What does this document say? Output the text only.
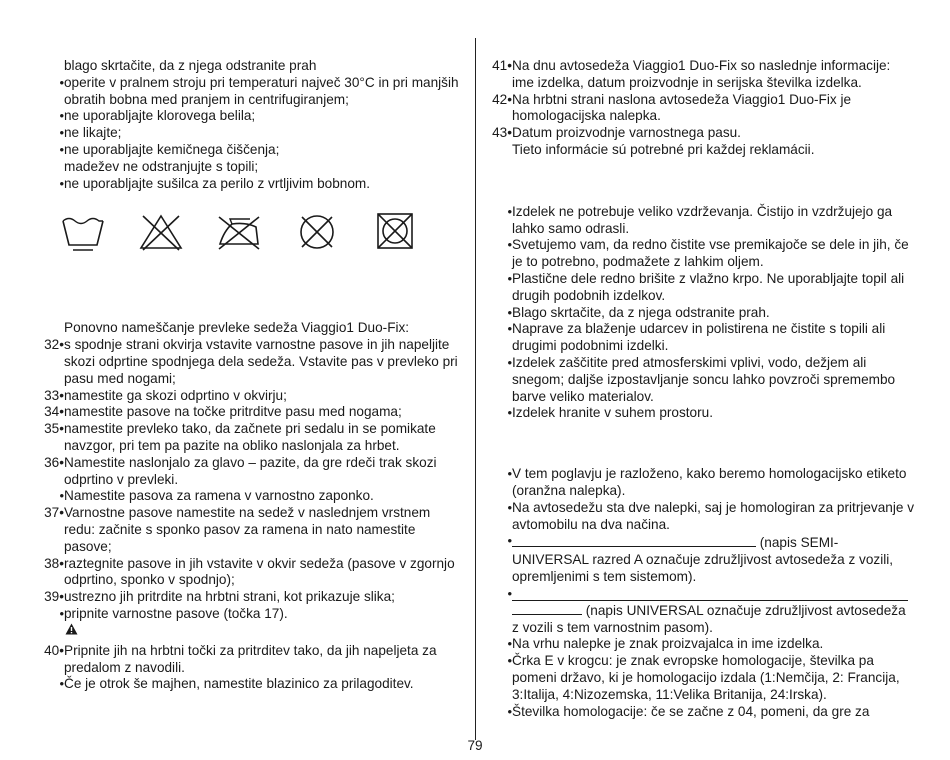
blago skrtačite, da z njega odstranite prah
• operite v pralnem stroju pri temperaturi največ 30°C in pri manjših obratih bobna med pranjem in centrifugiranjem;
• ne uporabljajte klorovega belila;
• ne likajte;
• ne uporabljajte kemičnega čiščenja;
madežev ne odstranjujte s topili;
• ne uporabljajte sušilca za perilo z vrtljivim bobnom.
Ponovno nameščanje prevleke sedeža Viaggio1 Duo-Fix:
32• s spodnje strani okvirja vstavite varnostne pasove in jih napeljite skozi odprtine spodnjega dela sedeža. Vstavite pas v prevleko pri pasu med nogami;
33• namestite ga skozi odprtino v okvirju;
34• namestite pasove na točke pritrditve pasu med nogama;
35• namestite prevleko tako, da začnete pri sedalu in se pomikate navzgor, pri tem pa pazite na obliko naslonjala za hrbet.
36• Namestite naslonjalo za glavo – pazite, da gre rdeči trak skozi odprtino v prevleki.
• Namestite pasova za ramena v varnostno zaponko.
37• Varnostne pasove namestite na sedež v naslednjem vrstnem redu: začnite s sponko pasov za ramena in nato namestite pasove;
38• raztegnite pasove in jih vstavite v okvir sedeža (pasove v zgornjo odprtino, sponko v spodnjo);
39• ustrezno jih pritrdite na hrbtni strani, kot prikazuje slika;
• pripnite varnostne pasove (točka 17).
40• Pripnite jih na hrbtni točki za pritrditev tako, da jih napeljeta za predalom z navodili.
• Če je otrok še majhen, namestite blazinico za prilagoditev.
41• Na dnu avtosedeža Viaggio1 Duo-Fix so naslednje informacije: ime izdelka, datum proizvodnje in serijska številka izdelka.
42• Na hrbtni strani naslona avtosedeža Viaggio1 Duo-Fix je homologacijska nalepka.
43• Datum proizvodnje varnostnega pasu.
Tieto informácie sú potrebné pri každej reklamácii.
• Izdelek ne potrebuje veliko vzdrževanja. Čistijo in vzdržujejo ga lahko samo odrasli.
• Svetujemo vam, da redno čistite vse premikajoče se dele in jih, če je to potrebno, podmažete z lahkim oljem.
• Plastične dele redno brišite z vlažno krpo. Ne uporabljajte topil ali drugih podobnih izdelkov.
• Blago skrtačite, da z njega odstranite prah.
• Naprave za blaženje udarcev in polistirena ne čistite s topili ali drugimi podobnimi izdelki.
• Izdelek zaščitite pred atmosferskimi vplivi, vodo, dežjem ali snegom; daljše izpostavljanje soncu lahko povzroči spremembo barve veliko materialov.
• Izdelek hranite v suhem prostoru.
• V tem poglavju je razloženo, kako beremo homologacijsko etiketo (oranžna nalepka).
• Na avtosedežu sta dve nalepki, saj je homologiran za pritrjevanje v avtomobilu na dva načina.
•	(napis SEMI-UNIVERSAL razred A označuje združljivost avtosedeža z vozili, opremljenimi s tem sistemom).
•
(napis UNIVERSAL označuje združljivost avtosedeža z vozili s tem varnostnim pasom).
• Na vrhu nalepke je znak proizvajalca in ime izdelka.
• Črka E v krogcu: je znak evropske homologacije, številka pa pomeni državo, ki je homologacijo izdala (1:Nemčija, 2: Francija, 3:Italija, 4:Nizozemska, 11:Velika Britanija, 24:Irska).
• Številka homologacije: če se začne z 04, pomeni, da gre za
79
